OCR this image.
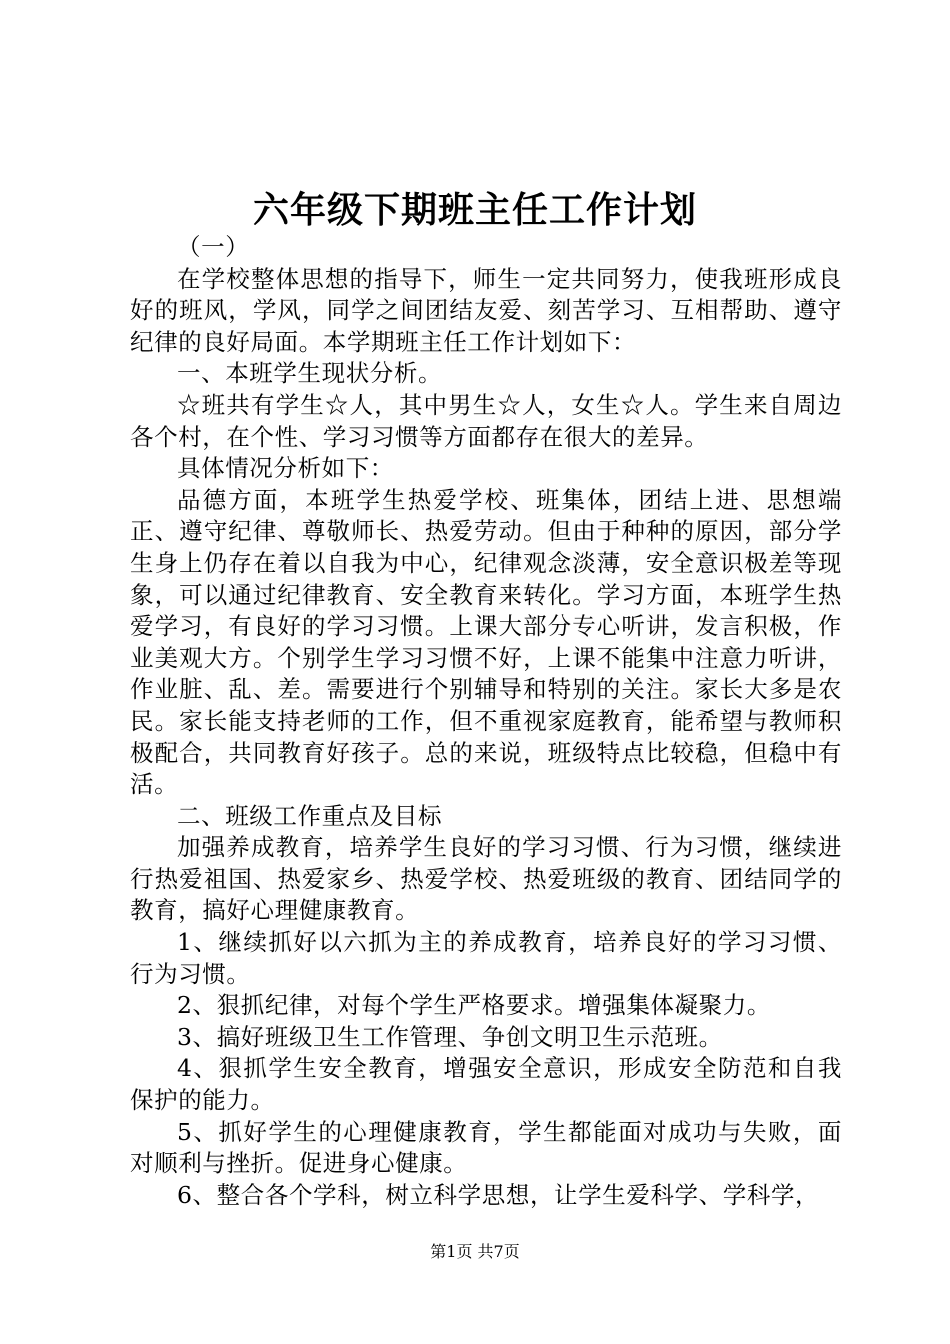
六年级下期班主任工作计划

（一）

在学校整体思想的指导下，师生一定共同努力，使我班形成良好的班风，学风，同学之间团结友爱、刻苦学习、互相帮助、遵守纪律的良好局面。本学期班主任工作计划如下：

一、本班学生现状分析。

☆班共有学生☆人，其中男生☆人，女生☆人。学生来自周边各个村，在个性、学习习惯等方面都存在很大的差异。

具体情况分析如下：

品德方面，本班学生热爱学校、班集体，团结上进、思想端正、遵守纪律、尊敬师长、热爱劳动。但由于种种的原因，部分学生身上仍存在着以自我为中心，纪律观念淡薄，安全意识极差等现象，可以通过纪律教育、安全教育来转化。学习方面，本班学生热爱学习，有良好的学习习惯。上课大部分专心听讲，发言积极，作业美观大方。个别学生学习习惯不好，上课不能集中注意力听讲，作业脏、乱、差。需要进行个别辅导和特别的关注。家长大多是农民。家长能支持老师的工作，但不重视家庭教育，能希望与教师积极配合，共同教育好孩子。总的来说，班级特点比较稳，但稳中有活。

二、班级工作重点及目标

加强养成教育，培养学生良好的学习习惯、行为习惯，继续进行热爱祖国、热爱家乡、热爱学校、热爱班级的教育、团结同学的教育，搞好心理健康教育。

1、继续抓好以六抓为主的养成教育，培养良好的学习习惯、行为习惯。

2、狠抓纪律，对每个学生严格要求。增强集体凝聚力。

3、搞好班级卫生工作管理、争创文明卫生示范班。

4、狠抓学生安全教育，增强安全意识，形成安全防范和自我保护的能力。

5、抓好学生的心理健康教育，学生都能面对成功与失败，面对顺利与挫折。促进身心健康。

6、整合各个学科，树立科学思想，让学生爱科学、学科学，

第1页 共7页
